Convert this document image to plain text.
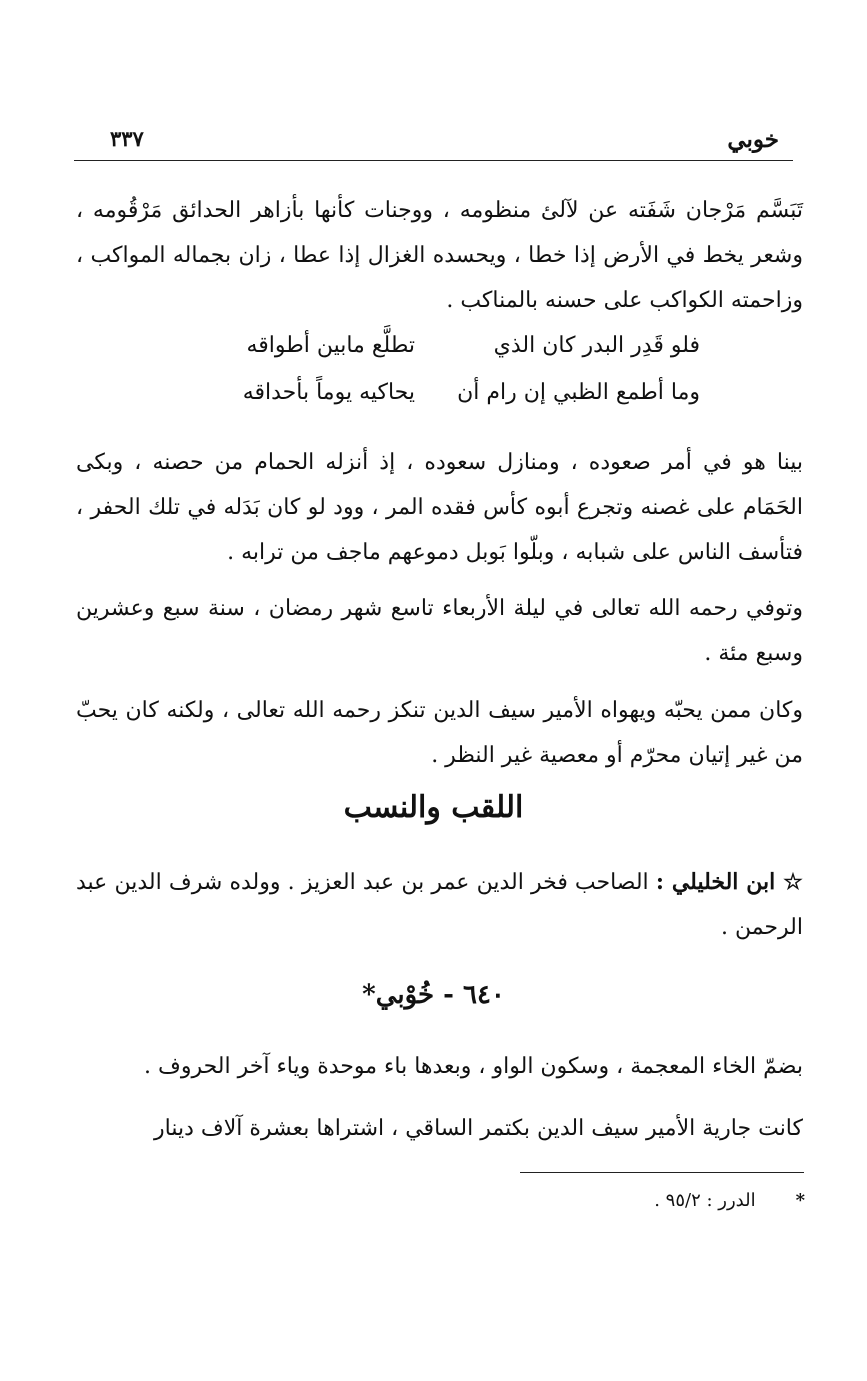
خوبي
٣٣٧
تَبَسَّم مَرْجان شَفَته عن لآلئ منظومه ، ووجنات كأنها بأزاهر الحدائق مَرْقُومه ، وشعر يخط في الأرض إذا خطا ، ويحسده الغزال إذا عطا ، زان بجماله المواكب ، وزاحمته الكواكب على حسنه بالمناكب .
فلو قَدِر البدر كان الذي
تطلَّع مابين أطواقه
وما أطمع الظبي إن رام أن
يحاكيه يوماً بأحداقه
بينا هو في أمر صعوده ، ومنازل سعوده ، إذ أنزله الحمام من حصنه ، وبكى الحَمَام على غصنه وتجرع أبوه كأس فقده المر ، وود لو كان بَدَله في تلك الحفر ، فتأسف الناس على شبابه ، وبلّوا بَوبل دموعهم ماجف من ترابه .
وتوفي رحمه الله تعالى في ليلة الأربعاء تاسع شهر رمضان ، سنة سبع وعشرين وسبع مئة .
وكان ممن يحبّه ويهواه الأمير سيف الدين تنكز رحمه الله تعالى ، ولكنه كان يحبّ من غير إتيان محرّم أو معصية غير النظر .
اللقب والنسب
☆ ابن الخليلي : الصاحب فخر الدين عمر بن عبد العزيز . وولده شرف الدين عبد الرحمن .
٦٤٠ - خُوْبي*
بضمّ الخاء المعجمة ، وسكون الواو ، وبعدها باء موحدة وياء آخر الحروف .
كانت جارية الأمير سيف الدين بكتمر الساقي ، اشتراها بعشرة آلاف دينار
*الدرر : ٩٥/٢ .
